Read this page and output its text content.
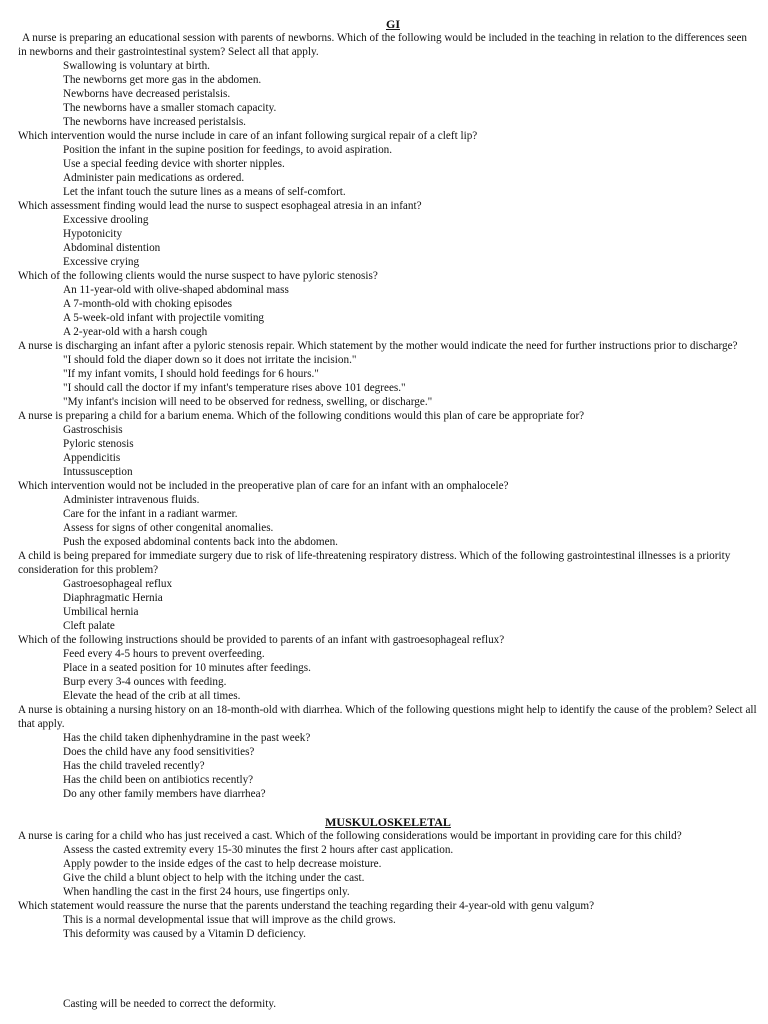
GI

A nurse is preparing an educational session with parents of newborns. Which of the following would be included in the teaching in relation to the differences seen in newborns and their gastrointestinal system? Select all that apply.

Swallowing is voluntary at birth.

The newborns get more gas in the abdomen.

Newborns have decreased peristalsis.

The newborns have a smaller stomach capacity.

The newborns have increased peristalsis.

Which intervention would the nurse include in care of an infant following surgical repair of a cleft lip?

Position the infant in the supine position for feedings, to avoid aspiration.

Use a special feeding device with shorter nipples.

Administer pain medications as ordered.

Let the infant touch the suture lines as a means of self-comfort.

Which assessment finding would lead the nurse to suspect esophageal atresia in an infant?

Excessive drooling

Hypotonicity

Abdominal distention

Excessive crying

Which of the following clients would the nurse suspect to have pyloric stenosis?

An 11-year-old with olive-shaped abdominal mass

A 7-month-old with choking episodes

A 5-week-old infant with projectile vomiting

A 2-year-old with a harsh cough

A nurse is discharging an infant after a pyloric stenosis repair. Which statement by the mother would indicate the need for further instructions prior to discharge?

"I should fold the diaper down so it does not irritate the incision."

"If my infant vomits, I should hold feedings for 6 hours."

"I should call the doctor if my infant's temperature rises above 101 degrees."

"My infant's incision will need to be observed for redness, swelling, or discharge."

A nurse is preparing a child for a barium enema. Which of the following conditions would this plan of care be appropriate for?

Gastroschisis

Pyloric stenosis

Appendicitis

Intussusception

Which intervention would not be included in the preoperative plan of care for an infant with an omphalocele?

Administer intravenous fluids.

Care for the infant in a radiant warmer.

Assess for signs of other congenital anomalies.

Push the exposed abdominal contents back into the abdomen.

A child is being prepared for immediate surgery due to risk of life-threatening respiratory distress. Which of the following gastrointestinal illnesses is a priority consideration for this problem?

Gastroesophageal reflux

Diaphragmatic Hernia

Umbilical hernia

Cleft palate

Which of the following instructions should be provided to parents of an infant with gastroesophageal reflux?

Feed every 4-5 hours to prevent overfeeding.

Place in a seated position for 10 minutes after feedings.

Burp every 3-4 ounces with feeding.

Elevate the head of the crib at all times.

A nurse is obtaining a nursing history on an 18-month-old with diarrhea. Which of the following questions might help to identify the cause of the problem? Select all that apply.

Has the child taken diphenhydramine in the past week?

Does the child have any food sensitivities?

Has the child traveled recently?

Has the child been on antibiotics recently?

Do any other family members have diarrhea?

MUSKULOSKELETAL

A nurse is caring for a child who has just received a cast. Which of the following considerations would be important in providing care for this child?

Assess the casted extremity every 15-30 minutes the first 2 hours after cast application.

Apply powder to the inside edges of the cast to help decrease moisture.

Give the child a blunt object to help with the itching under the cast.

When handling the cast in the first 24 hours, use fingertips only.

Which statement would reassure the nurse that the parents understand the teaching regarding their 4-year-old with genu valgum?

This is a normal developmental issue that will improve as the child grows.

This deformity was caused by a Vitamin D deficiency.

Casting will be needed to correct the deformity.
